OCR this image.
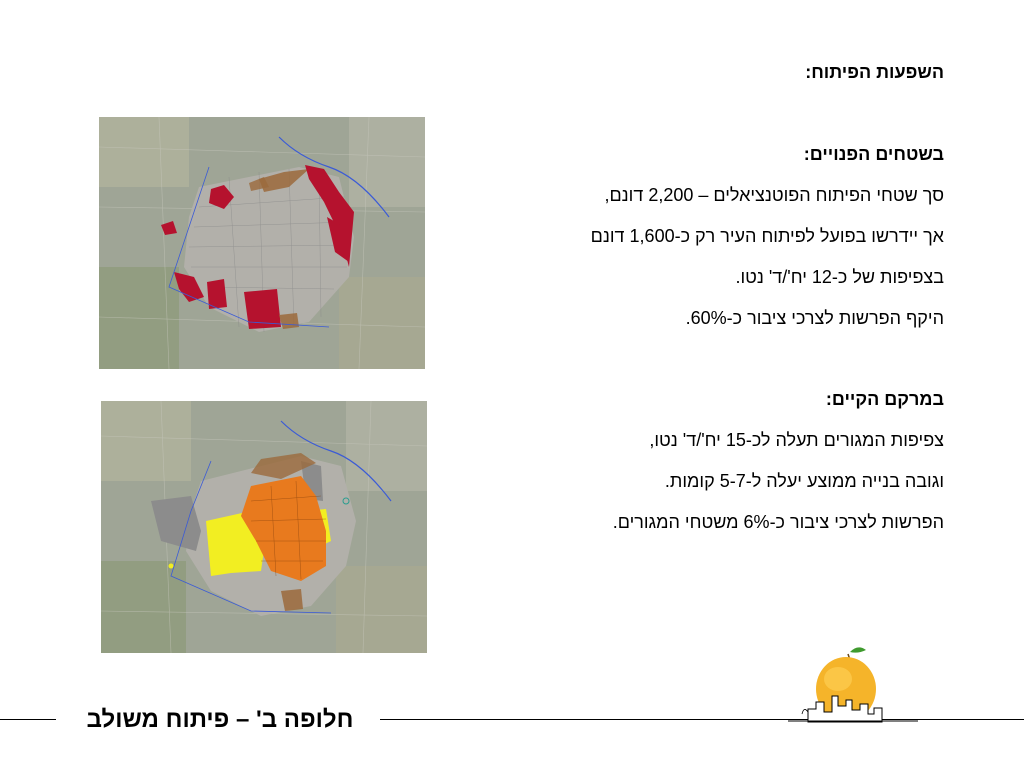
השפעות הפיתוח:
בשטחים הפנויים:
סך שטחי הפיתוח הפוטנציאלים – 2,200 דונם,
אך יידרשו בפועל לפיתוח העיר רק כ-1,600 דונם
בצפיפות של כ-12 יח'/ד' נטו.
היקף הפרשות לצרכי ציבור כ-60%.
במרקם הקיים:
צפיפות המגורים תעלה לכ-15 יח'/ד' נטו,
וגובה בנייה ממוצע יעלה ל-5-7 קומות.
הפרשות לצרכי ציבור כ-6% משטחי המגורים.
חלופה ב' – פיתוח משולב
